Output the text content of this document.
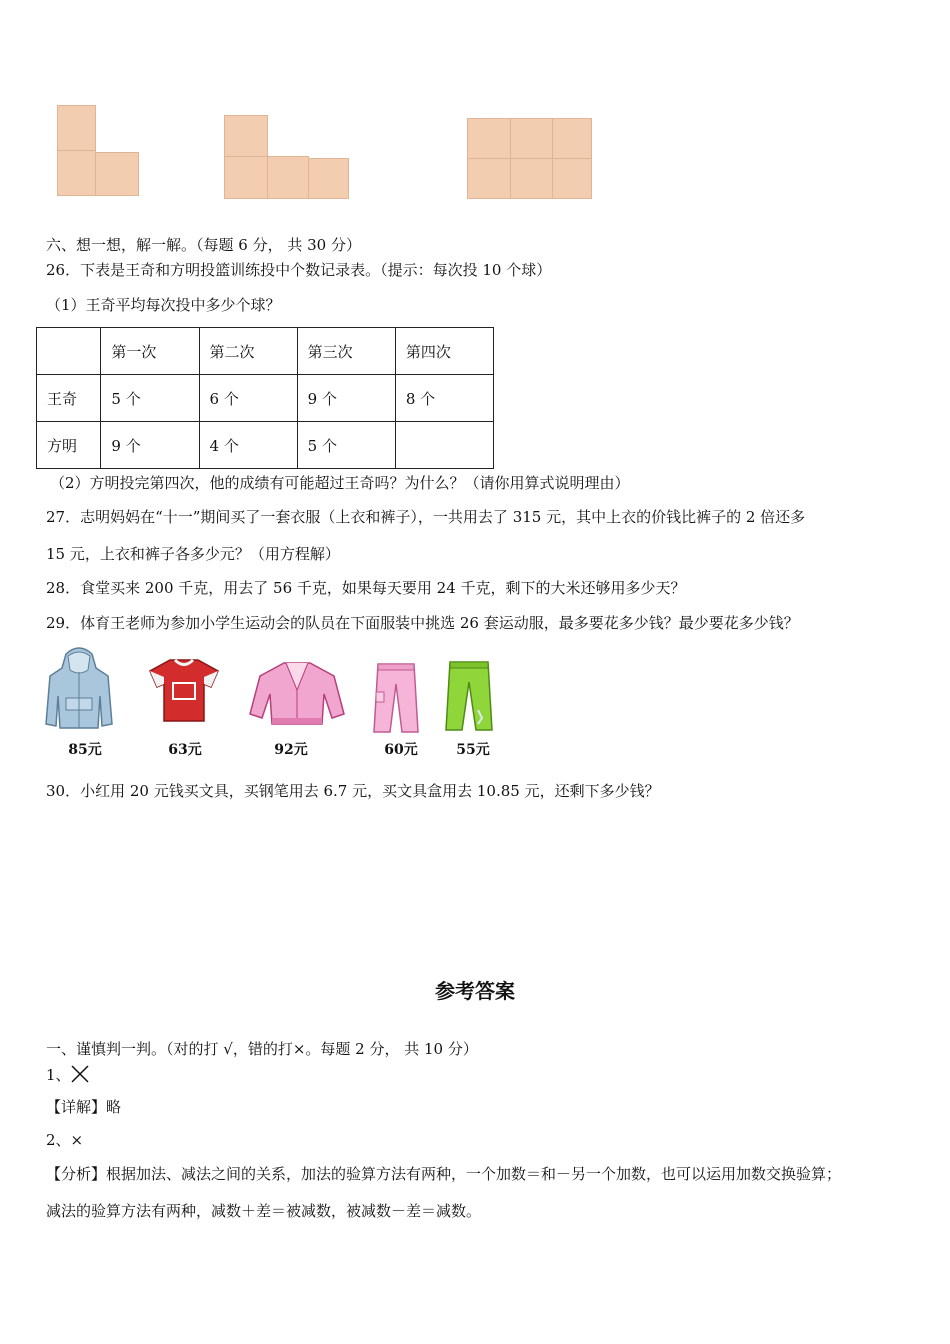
六、想一想，解一解。（每题 6 分， 共 30 分）
26．下表是王奇和方明投篮训练投中个数记录表。（提示：每次投 10 个球）
（1）王奇平均每次投中多少个球？
	第一次	第二次	第三次	第四次
王奇	5 个	6 个	9 个	8 个
方明	9 个	4 个	5 个	
（2）方明投完第四次，他的成绩有可能超过王奇吗？为什么？（请你用算式说明理由）
27．志明妈妈在“十一”期间买了一套衣服（上衣和裤子），一共用去了 315 元，其中上衣的价钱比裤子的 2 倍还多
15 元，上衣和裤子各多少元？（用方程解）
28．食堂买来 200 千克，用去了 56 千克，如果每天要用 24 千克，剩下的大米还够用多少天？
29．体育王老师为参加小学生运动会的队员在下面服装中挑选 26 套运动服，最多要花多少钱？最少要花多少钱？
85元	63元	92元	60元	55元
30．小红用 20 元钱买文具，买钢笔用去 6.7 元，买文具盒用去 10.85 元，还剩下多少钱？
参考答案
一、谨慎判一判。（对的打 √，错的打×。每题 2 分， 共 10 分）
1、
【详解】略
2、×
【分析】根据加法、减法之间的关系，加法的验算方法有两种，一个加数＝和－另一个加数，也可以运用加数交换验算；
减法的验算方法有两种，减数＋差＝被减数，被减数－差＝减数。
